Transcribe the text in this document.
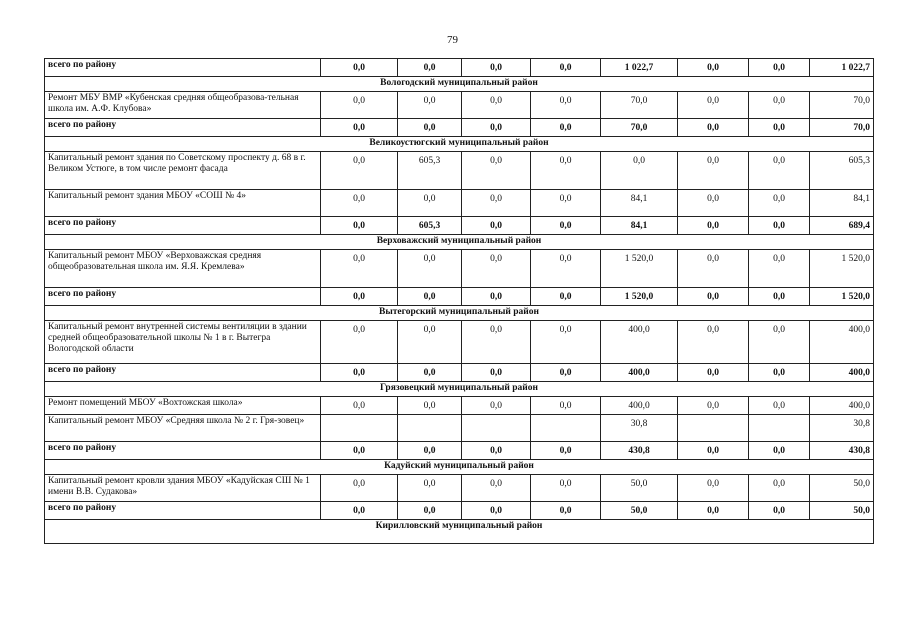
79
всего по району	0,0	0,0	0,0	0,0	1 022,7	0,0	0,0	1 022,7
Вологодский муниципальный район								
Ремонт МБУ ВМР «Кубенская средняя общеобразова-тельная школа им. А.Ф. Клубова»	0,0	0,0	0,0	0,0	70,0	0,0	0,0	70,0
всего по району	0,0	0,0	0,0	0,0	70,0	0,0	0,0	70,0
Великоустюгский муниципальный район								
Капитальный ремонт здания по Советскому проспекту д. 68 в г. Великом Устюге, в том числе ремонт фасада	0,0	605,3	0,0	0,0	0,0	0,0	0,0	605,3
Капитальный ремонт здания МБОУ «СОШ № 4»	0,0	0,0	0,0	0,0	84,1	0,0	0,0	84,1
всего по району	0,0	605,3	0,0	0,0	84,1	0,0	0,0	689,4
Верховажский муниципальный район								
Капитальный ремонт МБОУ «Верховажская средняя общеобразовательная школа им. Я.Я. Кремлева»	0,0	0,0	0,0	0,0	1 520,0	0,0	0,0	1 520,0
всего по району	0,0	0,0	0,0	0,0	1 520,0	0,0	0,0	1 520,0
Вытегорский муниципальный район								
Капитальный ремонт внутренней системы вентиляции в здании средней общеобразовательной школы № 1 в г. Вытегра Вологодской области	0,0	0,0	0,0	0,0	400,0	0,0	0,0	400,0
всего по району	0,0	0,0	0,0	0,0	400,0	0,0	0,0	400,0
Грязовецкий муниципальный район								
Ремонт помещений МБОУ «Вохтожская школа»	0,0	0,0	0,0	0,0	400,0	0,0	0,0	400,0
Капитальный ремонт МБОУ «Средняя школа № 2 г. Гря-зовец»					30,8			30,8
всего по району	0,0	0,0	0,0	0,0	430,8	0,0	0,0	430,8
Кадуйский муниципальный район								
Капитальный ремонт кровли здания МБОУ «Кадуйская СШ № 1 имени В.В. Судакова»	0,0	0,0	0,0	0,0	50,0	0,0	0,0	50,0
всего по району	0,0	0,0	0,0	0,0	50,0	0,0	0,0	50,0
Кирилловский муниципальный район								
